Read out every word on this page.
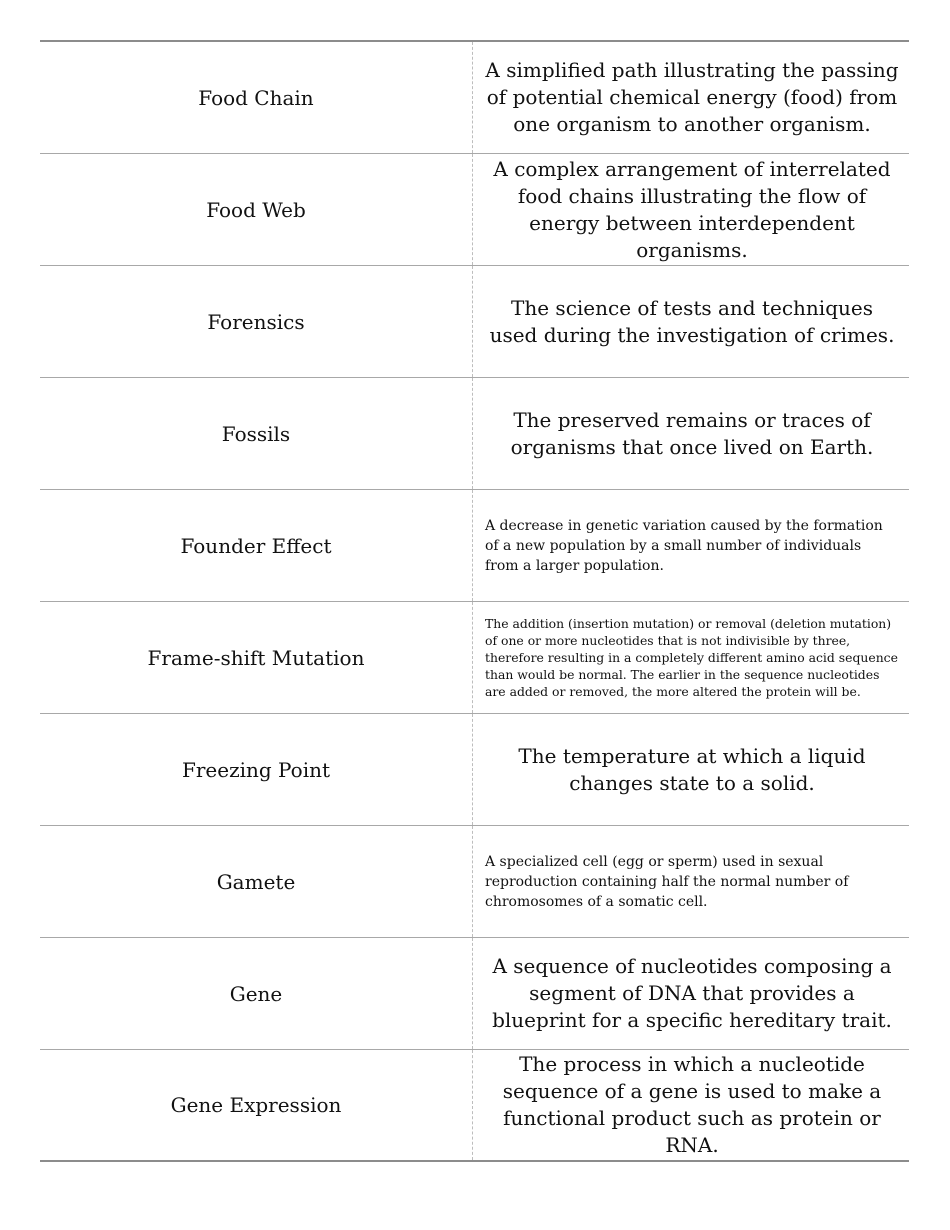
Food Chain
A simplified path illustrating the passing of potential chemical energy (food) from one organism to another organism.
Food Web
A complex arrangement of interrelated food chains illustrating the flow of energy between interdependent organisms.
Forensics
The science of tests and techniques used during the investigation of crimes.
Fossils
The preserved remains or traces of organisms that once lived on Earth.
Founder Effect
A decrease in genetic variation caused by the formation of a new population by a small number of individuals from a larger population.
Frame-shift Mutation
The addition (insertion mutation) or removal (deletion mutation) of one or more nucleotides that is not indivisible by three, therefore resulting in a completely different amino acid sequence than would be normal. The earlier in the sequence nucleotides are added or removed, the more altered the protein will be.
Freezing Point
The temperature at which a liquid changes state to a solid.
Gamete
A specialized cell (egg or sperm) used in sexual reproduction containing half the normal number of chromosomes of a somatic cell.
Gene
A sequence of nucleotides composing a segment of DNA that provides a blueprint for a specific hereditary trait.
Gene Expression
The process in which a nucleotide sequence of a gene is used to make a functional product such as protein or RNA.
